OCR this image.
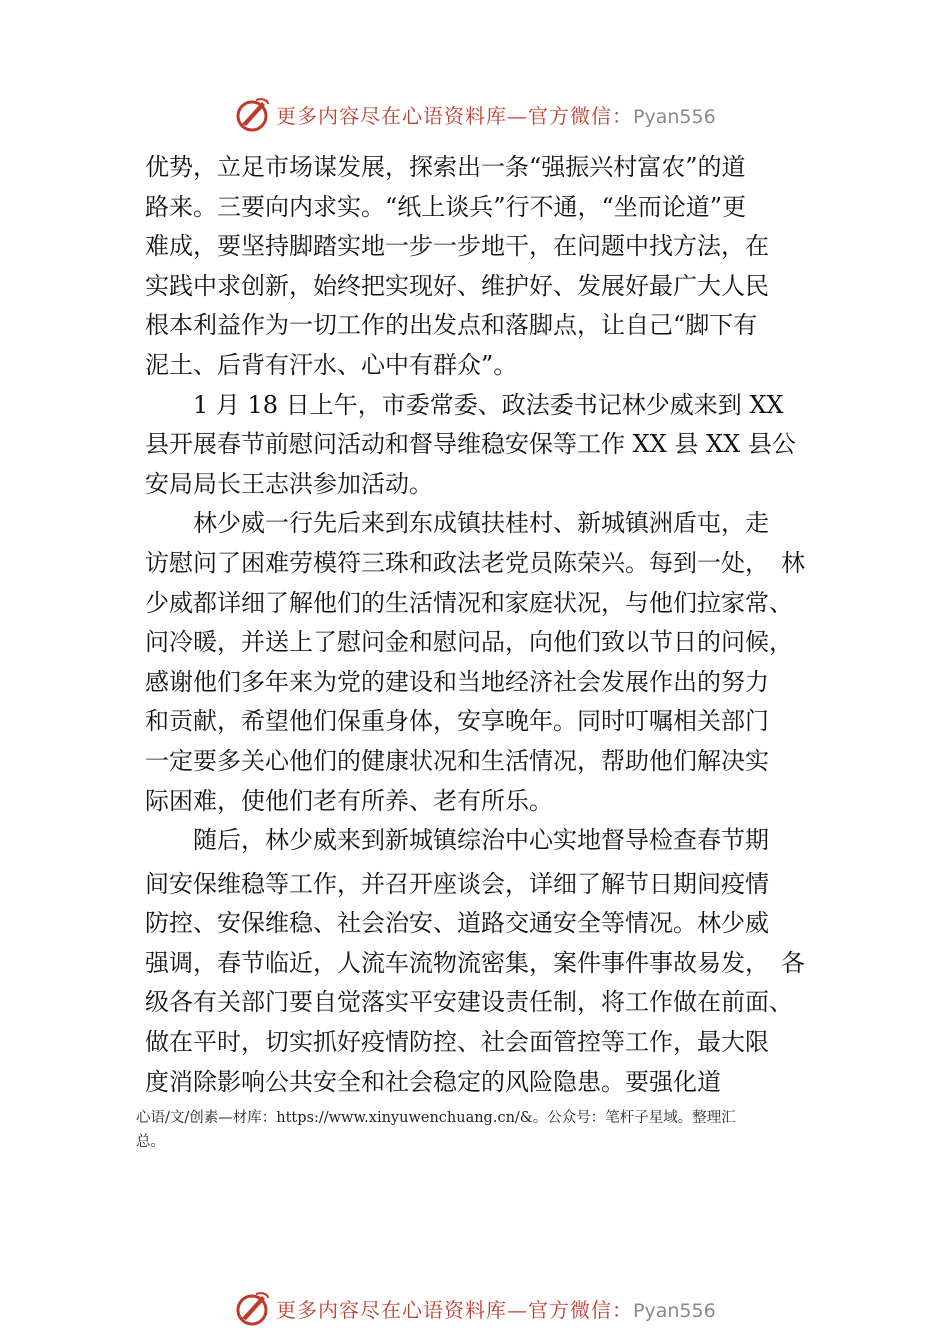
更多内容尽在心语资料库—官方微信：Pyan556
优势，立足市场谋发展，探索出一条“强振兴村富农”的道
路来。三要向内求实。“纸上谈兵”行不通，“坐而论道”更
难成，要坚持脚踏实地一步一步地干，在问题中找方法，在
实践中求创新，始终把实现好、维护好、发展好最广大人民
根本利益作为一切工作的出发点和落脚点，让自己“脚下有
泥土、后背有汗水、心中有群众”。
　　1 月 18 日上午，市委常委、政法委书记林少威来到 XX
县开展春节前慰问活动和督导维稳安保等工作 XX 县 XX 县公
安局局长王志洪参加活动。
　　林少威一行先后来到东成镇扶桂村、新城镇洲盾屯，走
访慰问了困难劳模符三珠和政法老党员陈荣兴。每到一处，　林
少威都详细了解他们的生活情况和家庭状况，与他们拉家常、
问冷暖，并送上了慰问金和慰问品，向他们致以节日的问候，
感谢他们多年来为党的建设和当地经济社会发展作出的努力
和贡献，希望他们保重身体，安享晚年。同时叮嘱相关部门
一定要多关心他们的健康状况和生活情况，帮助他们解决实
际困难，使他们老有所养、老有所乐。
　　随后，林少威来到新城镇综治中心实地督导检查春节期
间安保维稳等工作，并召开座谈会，详细了解节日期间疫情
防控、安保维稳、社会治安、道路交通安全等情况。林少威
强调，春节临近，人流车流物流密集，案件事件事故易发，　各
级各有关部门要自觉落实平安建设责任制，将工作做在前面、
做在平时，切实抓好疫情防控、社会面管控等工作，最大限
度消除影响公共安全和社会稳定的风险隐患。要强化道
心语/文/创素—材库：https://www.xinyuwenchuang.cn/&。公众号：笔杆子星域。整理汇
总。
更多内容尽在心语资料库—官方微信：Pyan556
